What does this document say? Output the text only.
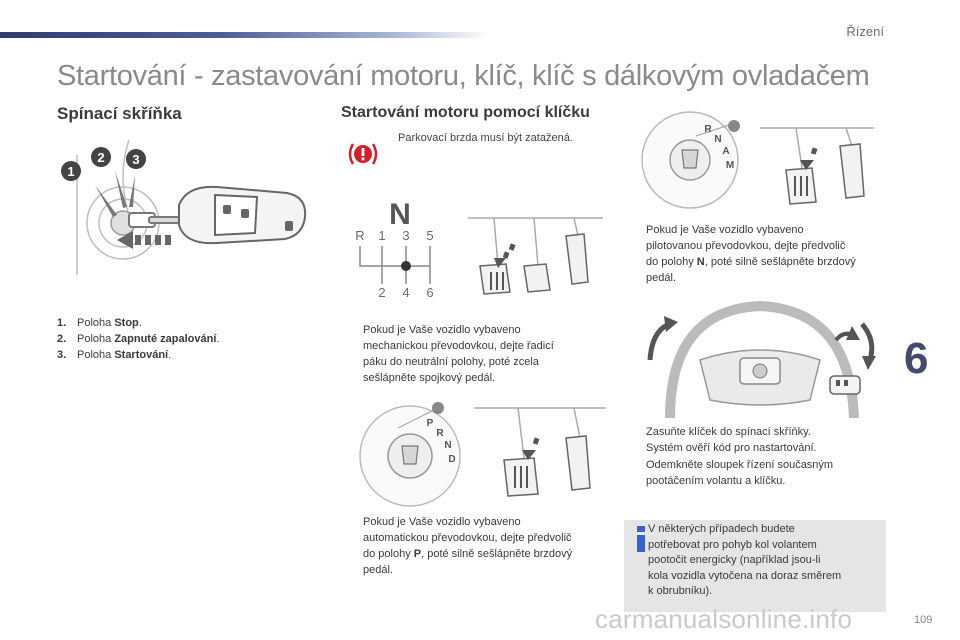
Řízení
Startování - zastavování motoru, klíč, klíč s dálkovým ovladačem
Spínací skříňka
1
2 3
1. Poloha Stop.
2. Poloha Zapnuté zapalování.
3. Poloha Startování.
Startování motoru pomocí klíčku
Parkovací brzda musí být zatažená.
N
R 1 3 5
2 4 6
Pokud je Vaše vozidlo vybaveno
mechanickou převodovkou, dejte řadicí
páku do neutrální polohy, poté zcela
sešlápněte spojkový pedál.
P
R
N
D
Pokud je Vaše vozidlo vybaveno
automatickou převodovkou, dejte předvolič
do polohy P, poté silně sešlápněte brzdový
pedál.
R
N
A
M
Pokud je Vaše vozidlo vybaveno
pilotovanou převodovkou, dejte předvolič
do polohy N, poté silně sešlápněte brzdový
pedál.
Zasuňte klíček do spínací skříňky.
Systém ověří kód pro nastartování.
Odemkněte sloupek řízení současným
pootáčením volantu a klíčku.
V některých případech budete
potřebovat pro pohyb kol volantem
pootočit energicky (například jsou-li
kola vozidla vytočena na doraz směrem
k obrubníku).
6
109
carmanualsonline.info
